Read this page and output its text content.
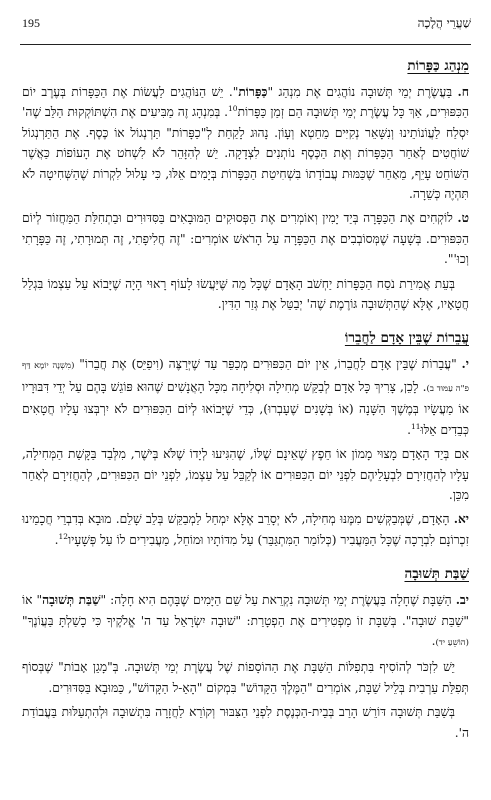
195	שַׁעֲרֵי הֲלָכָה
מִנְהַג כַּפָּרוֹת

ח. בַּעֲשֶׂרֶת יְמֵי תְּשׁוּבָה נוֹהֲגִים אֶת מִנְהַג "כַּפָּרוֹת". יֵשׁ הַנּוֹהֲגִים לַעֲשׂוֹת אֶת הַכַּפָּרוֹת בְּעֶרֶב יוֹם הַכִּפּוּרִים, אַךְ כָּל עֲשֶׂרֶת יְמֵי תְּשׁוּבָה הֵם זְמַן כַּפָּרוֹת$^{10}$. בְּמִנְהָג זֶה מַבִּיעִים אֶת הִשְׁתּוֹקְקוּת הַלֵּב שֶׁה' יִסְלַח לַעֲוֹנוֹתֵינוּ וְנִשָּׁאֵר נְקִיִּים מֵחֵטְא וְעָוֹן. נָהוּג לָקַחַת לְ"כַפָּרוֹת" תַּרְנְגוֹל אוֹ כֶּסֶף. אֶת הַתַּרְנְגוֹל שׁוֹחֲטִים לְאַחַר הַכַּפָּרוֹת וְאֶת הַכֶּסֶף נוֹתְנִים לִצְדָקָה. יֵשׁ לְהִזָּהֵר לֹא לִשְׁחֹט אֶת הָעוֹפוֹת כַּאֲשֶׁר הַשּׁוֹחֵט עָיֵף, מֵאַחַר שֶׁכַּמּוּת עֲבוֹדָתוֹ בִּשְׁחִיטַת הַכַּפָּרוֹת בְּיָמִים אֵלּוּ, כִּי עָלוּל לִקְרוֹת שֶׁהַשְּׁחִיטָה לֹא תִּהְיֶה כְּשֵׁרָה.

ט. לוֹקְחִים אֶת הַכַּפָּרָה בְּיַד יָמִין וְאוֹמְרִים אֶת הַפְּסוּקִים הַמּוּבָאִים בַּסִּדּוּרִים וּבַתְחִלַּת הַמַּחֲזוֹר לְיוֹם הַכִּפּוּרִים. בְּשָׁעָה שֶׁמְּסוֹבְבִים אֶת הַכַּפָּרָה עַל הָרֹאשׁ אוֹמְרִים: "זֶה חֲלִיפָתִי, זֶה תְּמוּרָתִי, זֶה כַּפָּרָתִי וְכוּ'".

בְּעֵת אֲמִירַת נֹסַח הַכַּפָּרוֹת יַחְשֹׁב הָאָדָם שֶׁכָּל מַה שֶּׁיַּעֲשׂוּ לָעוֹף רָאוּי הָיָה שֶׁיָּבוֹא עַל עַצְמוֹ בִּגְלַל חֲטָאָיו, אֶלָּא שֶׁהַתְּשׁוּבָה גּוֹרֶמֶת שֶׁה' יְבַטֵּל אֶת גְּזַר הַדִּין.

עֲבֵרוֹת שֶׁבֵּין אָדָם לַחֲבֵרוֹ

י. "עֲבֵרוֹת שֶׁבֵּין אָדָם לַחֲבֵרוֹ, אֵין יוֹם הַכִּפּוּרִים מְכַפֵּר עַד שֶׁיְּרַצֶּה (וִיפַיֵּס) אֶת חֲבֵרוֹ" (מִשְׁנָה יוֹמָא דַּף פ"ה עַמּוּד ב). לָכֵן, צָרִיךְ כָּל אָדָם לְבַקֵּשׁ מְחִילָה וּסְלִיחָה מִכָּל הָאֲנָשִׁים שֶׁהוּא פּוֹגֵשׁ בָּהֶם עַל יְדֵי דִּבּוּרָיו אוֹ מַעֲשָׂיו בְּמֶשֶׁךְ הַשָּׁנָה (אוֹ בְּשָׁנִים שֶׁעָבְרוּ), כְּדֵי שֶׁיָּבוֹאוּ לְיוֹם הַכִּפּוּרִים לֹא יִרְבְּצוּ עָלָיו חֲטָאִים כְּבֵדִים אֵלּוּ$^{11}$.

אִם בְּיַד הָאָדָם מָצוּי מָמוֹן אוֹ חֵפֶץ שֶׁאֵינָם שֶׁלּוֹ, שֶׁהִגִּיעוּ לְיָדוֹ שֶׁלֹּא בְּיֹשֶׁר, מִלְּבַד בַּקָּשַׁת הַמְּחִילָה, עָלָיו לְהַחֲזִירָם לִבְעָלֵיהֶם לִפְנֵי יוֹם הַכִּפּוּרִים אוֹ לְקַבֵּל עַל עַצְמוֹ, לִפְנֵי יוֹם הַכִּפּוּרִים, לְהַחֲזִירָם לְאַחַר מִכֵּן.

יא. הָאָדָם, שֶׁמְּבַקְּשִׁים מִמֶּנּוּ מְחִילָה, לֹא יְסָרֵב אֶלָּא יִמְחַל לַמְבַקֵּשׁ בְּלֵב שָׁלֵם. מוּבָא בְּדִבְרֵי חֲכָמֵינוּ זִכְרוֹנָם לִבְרָכָה שֶׁכָּל הַמַּעֲבִיר (כְּלוֹמַר הַמִּתְגַּבֵּר) עַל מִדּוֹתָיו וּמוֹחֵל, מַעֲבִירִים לוֹ עַל פְּשָׁעָיו$^{12}$.

שַׁבַּת תְּשׁוּבָה

יב. הַשַּׁבָּת שֶׁחָלָה בַּעֲשֶׂרֶת יְמֵי תְּשׁוּבָה נִקְרֵאת עַל שֵׁם הַיָּמִים שֶׁבָּהֶם הִיא חָלָה: "שַׁבַּת תְּשׁוּבָה" אוֹ "שַׁבַּת שׁוּבָה". בְּשַׁבָּת זוֹ מַפְטִירִים אֶת הַפְטָרַת: "שׁוּבָה יִשְׂרָאֵל עַד ה' אֱלֹקֶיךָ כִּי כָשַׁלְתָּ בַּעֲוֹנֶךָ" (הוֹשֵׁעַ יד).

יֵשׁ לִזְכֹּר לְהוֹסִיף בִּתְפִלּוֹת הַשַּׁבָּת אֶת הַהוֹסָפוֹת שֶׁל עֲשֶׂרֶת יְמֵי תְּשׁוּבָה. בְּ"מָגֵן אָבוֹת" שֶׁבְּסוֹף תְּפִלַּת עַרְבִית בְּלֵיל שַׁבָּת, אוֹמְרִים "הַמֶּלֶךְ הַקָּדוֹשׁ" בִּמְקוֹם "הָאֵ-ל הַקָּדוֹשׁ", כַּמּוּבָא בַּסִּדּוּרִים.

בְּשַׁבַּת תְּשׁוּבָה דּוֹרֵשׁ הָרַב בְּבֵית-הַכְּנֶסֶת לִפְנֵי הַצִּבּוּר וְקוֹרֵא לַחֲזָרָה בִּתְשׁוּבָה וּלְהִתְעַלּוּת בַּעֲבוֹדַת ה'.
